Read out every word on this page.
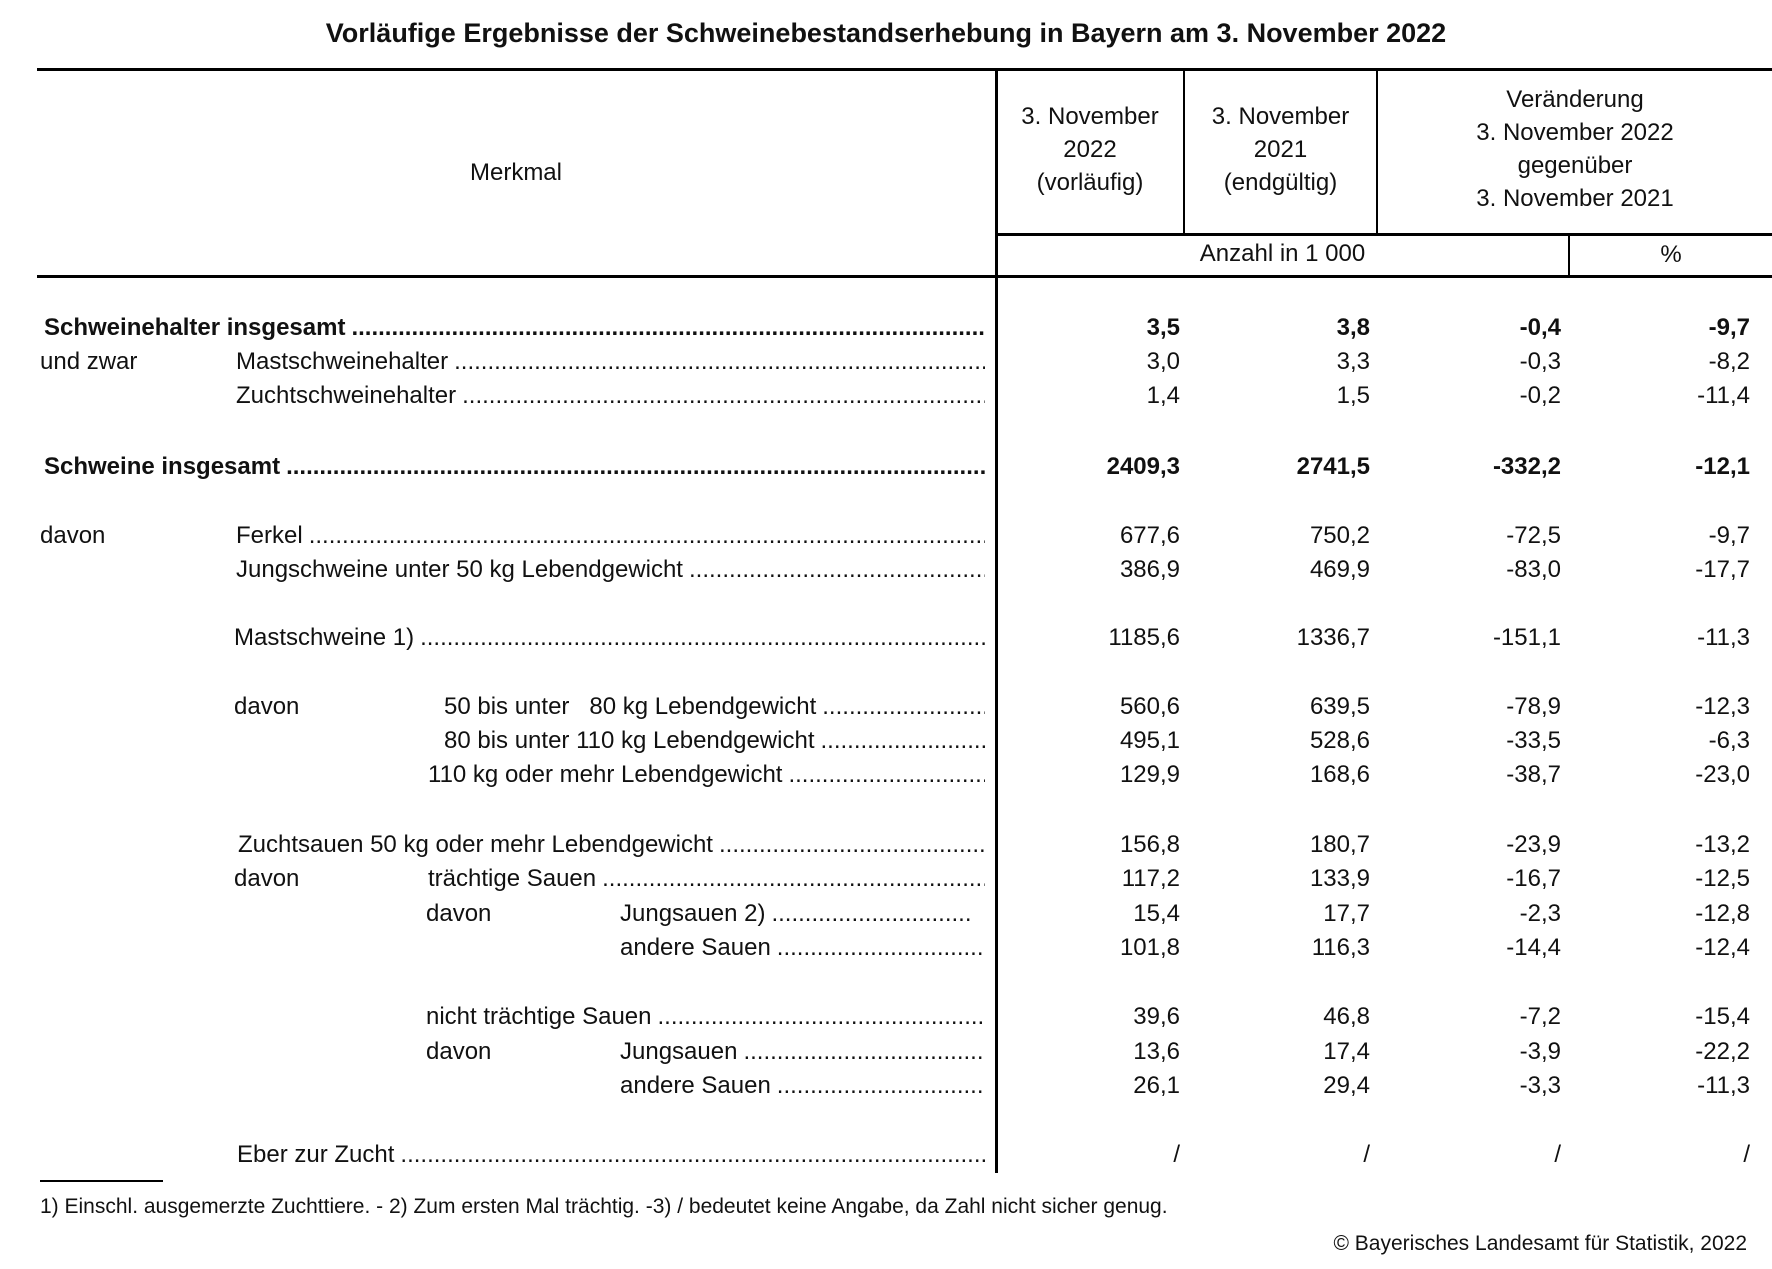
Vorläufige Ergebnisse der Schweinebestandserhebung in Bayern am 3. November 2022
Merkmal
3. November
2022
(vorläufig)
3. November
2021
(endgültig)
Veränderung
3. November 2022
gegenüber
3. November 2021
Anzahl in 1 000	%
Schweinehalter insgesamt .....	3,5	3,8	-0,4	-9,7
und zwar	Mastschweinehalter .....	3,0	3,3	-0,3	-8,2
Zuchtschweinehalter .....	1,4	1,5	-0,2	-11,4
Schweine insgesamt .....	2409,3	2741,5	-332,2	-12,1
davon	Ferkel .....	677,6	750,2	-72,5	-9,7
Jungschweine unter 50 kg Lebendgewicht .....	386,9	469,9	-83,0	-17,7
Mastschweine 1) .....	1185,6	1336,7	-151,1	-11,3
davon	50 bis unter   80 kg Lebendgewicht .....	560,6	639,5	-78,9	-12,3
80 bis unter 110 kg Lebendgewicht .....	495,1	528,6	-33,5	-6,3
110 kg oder mehr Lebendgewicht .....	129,9	168,6	-38,7	-23,0
Zuchtsauen 50 kg oder mehr Lebendgewicht .....	156,8	180,7	-23,9	-13,2
davon	trächtige Sauen .....	117,2	133,9	-16,7	-12,5
davon	Jungsauen 2) .....	15,4	17,7	-2,3	-12,8
andere Sauen .....	101,8	116,3	-14,4	-12,4
nicht trächtige Sauen .....	39,6	46,8	-7,2	-15,4
davon	Jungsauen .....	13,6	17,4	-3,9	-22,2
andere Sauen .....	26,1	29,4	-3,3	-11,3
Eber zur Zucht .....	/	/	/	/
1) Einschl. ausgemerzte Zuchttiere. - 2) Zum ersten Mal trächtig. -3) / bedeutet keine Angabe, da Zahl nicht sicher genug.
© Bayerisches Landesamt für Statistik, 2022
